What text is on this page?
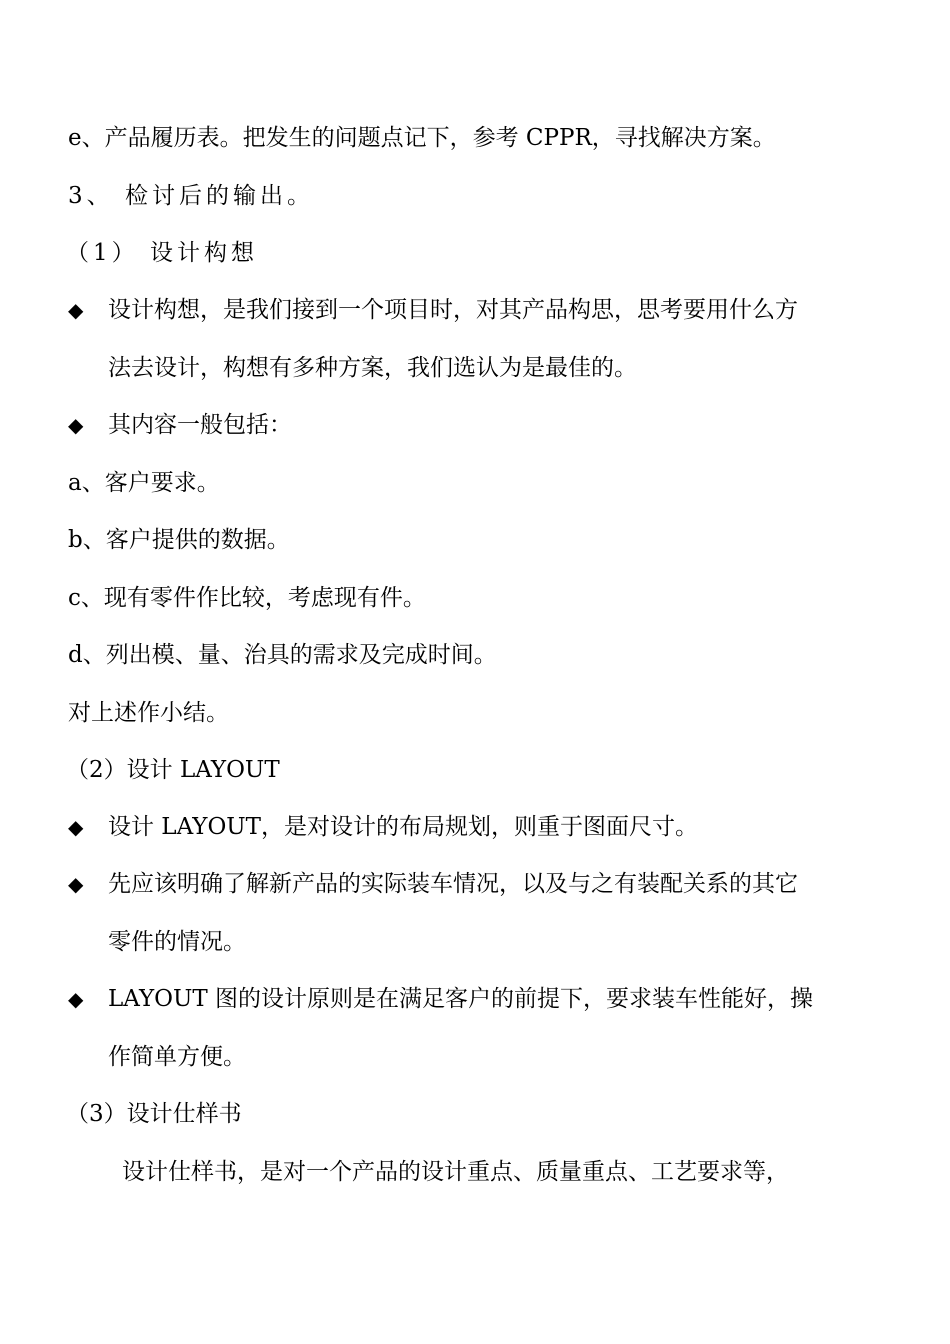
e、产品履历表。把发生的问题点记下，参考 CPPR，寻找解决方案。
3、 检讨后的输出。
（1） 设计构想
◆ 设计构想，是我们接到一个项目时，对其产品构思，思考要用什么方
法去设计，构想有多种方案，我们选认为是最佳的。
◆ 其内容一般包括：
a、客户要求。
b、客户提供的数据。
c、现有零件作比较，考虑现有件。
d、列出模、量、治具的需求及完成时间。
对上述作小结。
（2）设计 LAYOUT
◆ 设计 LAYOUT，是对设计的布局规划，则重于图面尺寸。
◆ 先应该明确了解新产品的实际装车情况，以及与之有装配关系的其它
零件的情况。
◆ LAYOUT 图的设计原则是在满足客户的前提下，要求装车性能好，操
作简单方便。
（3）设计仕样书
设计仕样书，是对一个产品的设计重点、质量重点、工艺要求等，
